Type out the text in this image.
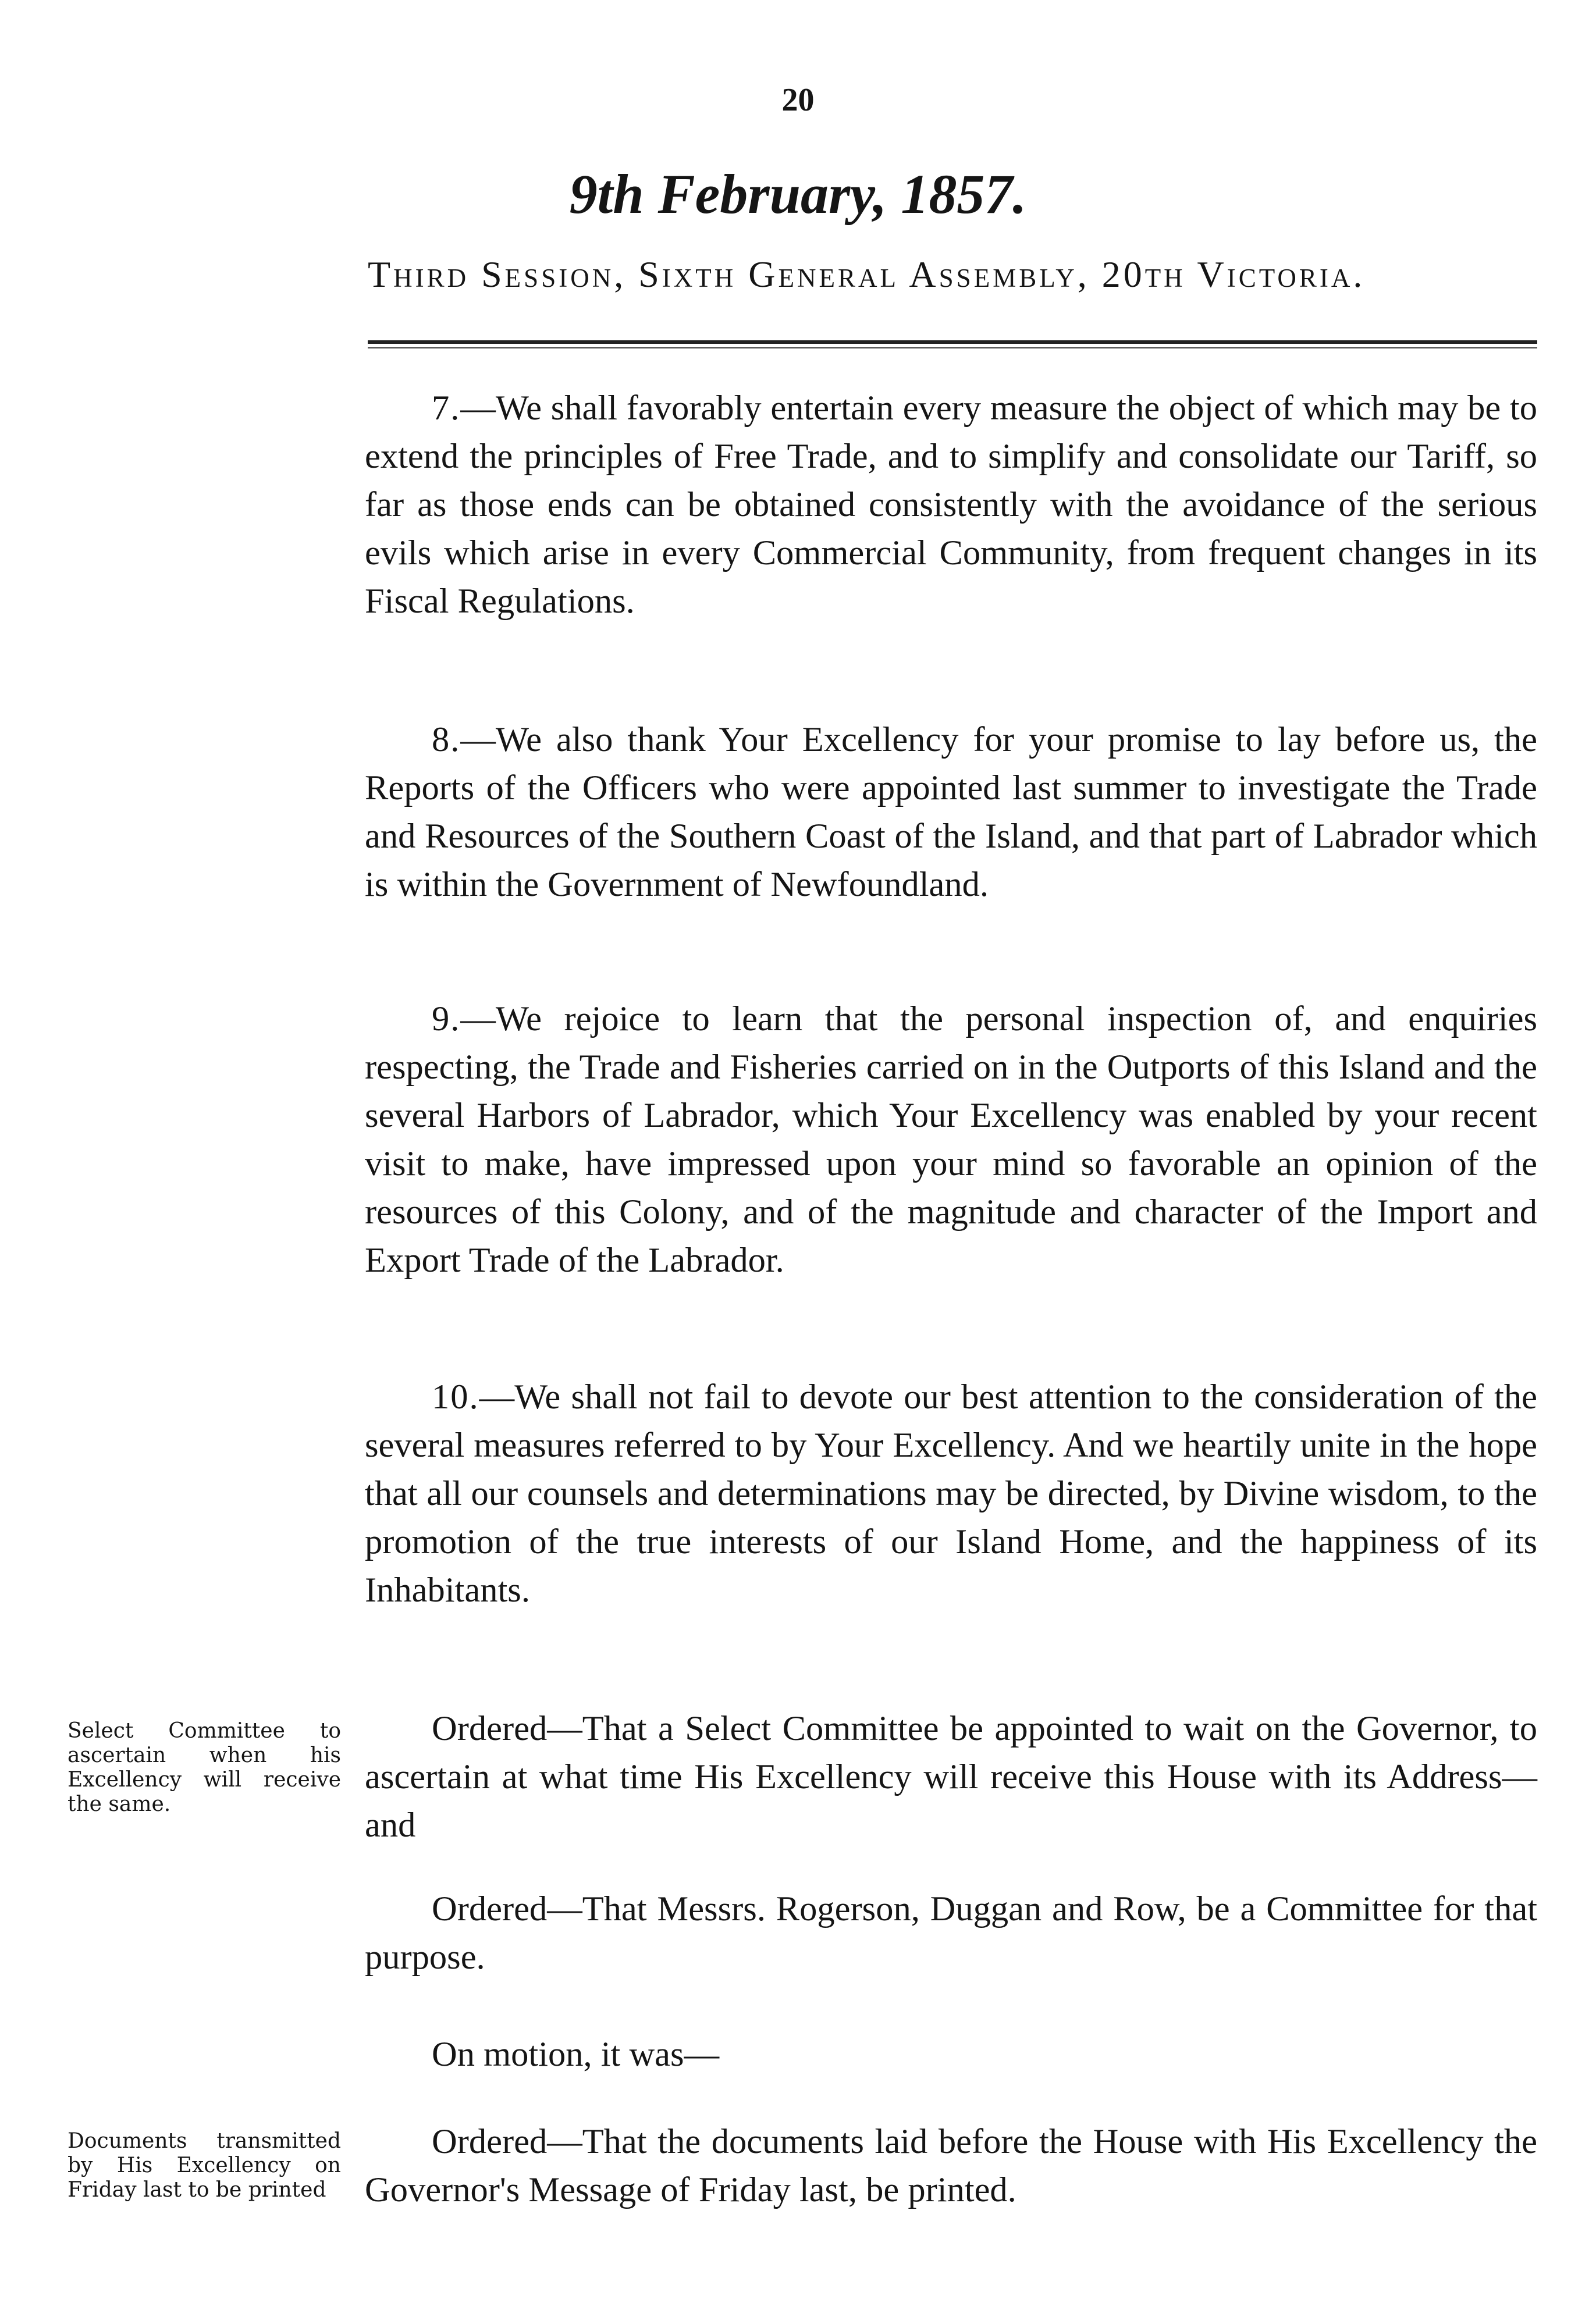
20
9th February, 1857.
Third Session, Sixth General Assembly, 20th Victoria.
7.—We shall favorably entertain every measure the object of which may be to extend the principles of Free Trade, and to simplify and consolidate our Tariff, so far as those ends can be obtained consistently with the avoidance of the serious evils which arise in every Commercial Community, from frequent changes in its Fiscal Regulations.
8.—We also thank Your Excellency for your promise to lay before us, the Reports of the Officers who were appointed last summer to investigate the Trade and Resources of the Southern Coast of the Island, and that part of Labrador which is within the Government of Newfoundland.
9.—We rejoice to learn that the personal inspection of, and enquiries respecting, the Trade and Fisheries carried on in the Outports of this Island and the several Harbors of Labrador, which Your Excellency was enabled by your recent visit to make, have impressed upon your mind so favorable an opinion of the resources of this Colony, and of the magnitude and character of the Import and Export Trade of the Labrador.
10.—We shall not fail to devote our best attention to the consideration of the several measures referred to by Your Excellency. And we heartily unite in the hope that all our counsels and determinations may be directed, by Divine wisdom, to the promotion of the true interests of our Island Home, and the happiness of its Inhabitants.
Ordered—That a Select Committee be appointed to wait on the Governor, to ascertain at what time His Excellency will receive this House with its Address—and
Ordered—That Messrs. Rogerson, Duggan and Row, be a Committee for that purpose.
On motion, it was—
Ordered—That the documents laid before the House with His Excellency the Governor's Message of Friday last, be printed.
Select Committee to ascertain when his Excellency will receive the same.
Documents transmitted by His Excellency on Friday last to be printed
